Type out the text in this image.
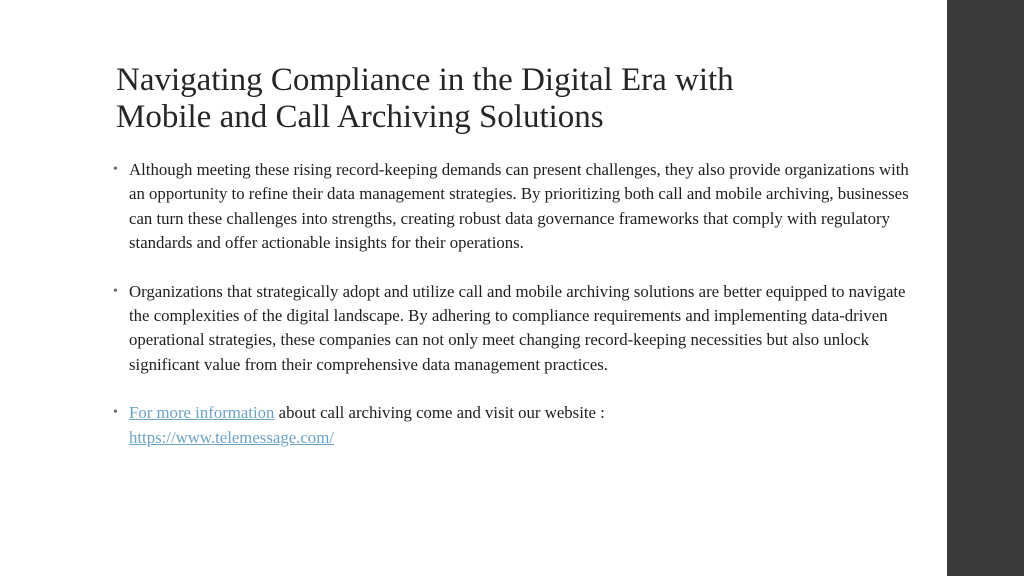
Navigating Compliance in the Digital Era with
Mobile and Call Archiving Solutions
• Although meeting these rising record-keeping demands can present challenges, they also provide organizations with an opportunity to refine their data management strategies. By prioritizing both call and mobile archiving, businesses can turn these challenges into strengths, creating robust data governance frameworks that comply with regulatory standards and offer actionable insights for their operations.
• Organizations that strategically adopt and utilize call and mobile archiving solutions are better equipped to navigate the complexities of the digital landscape. By adhering to compliance requirements and implementing data-driven operational strategies, these companies can not only meet changing record-keeping necessities but also unlock significant value from their comprehensive data management practices.
• For more information about call archiving come and visit our website :
https://www.telemessage.com/
